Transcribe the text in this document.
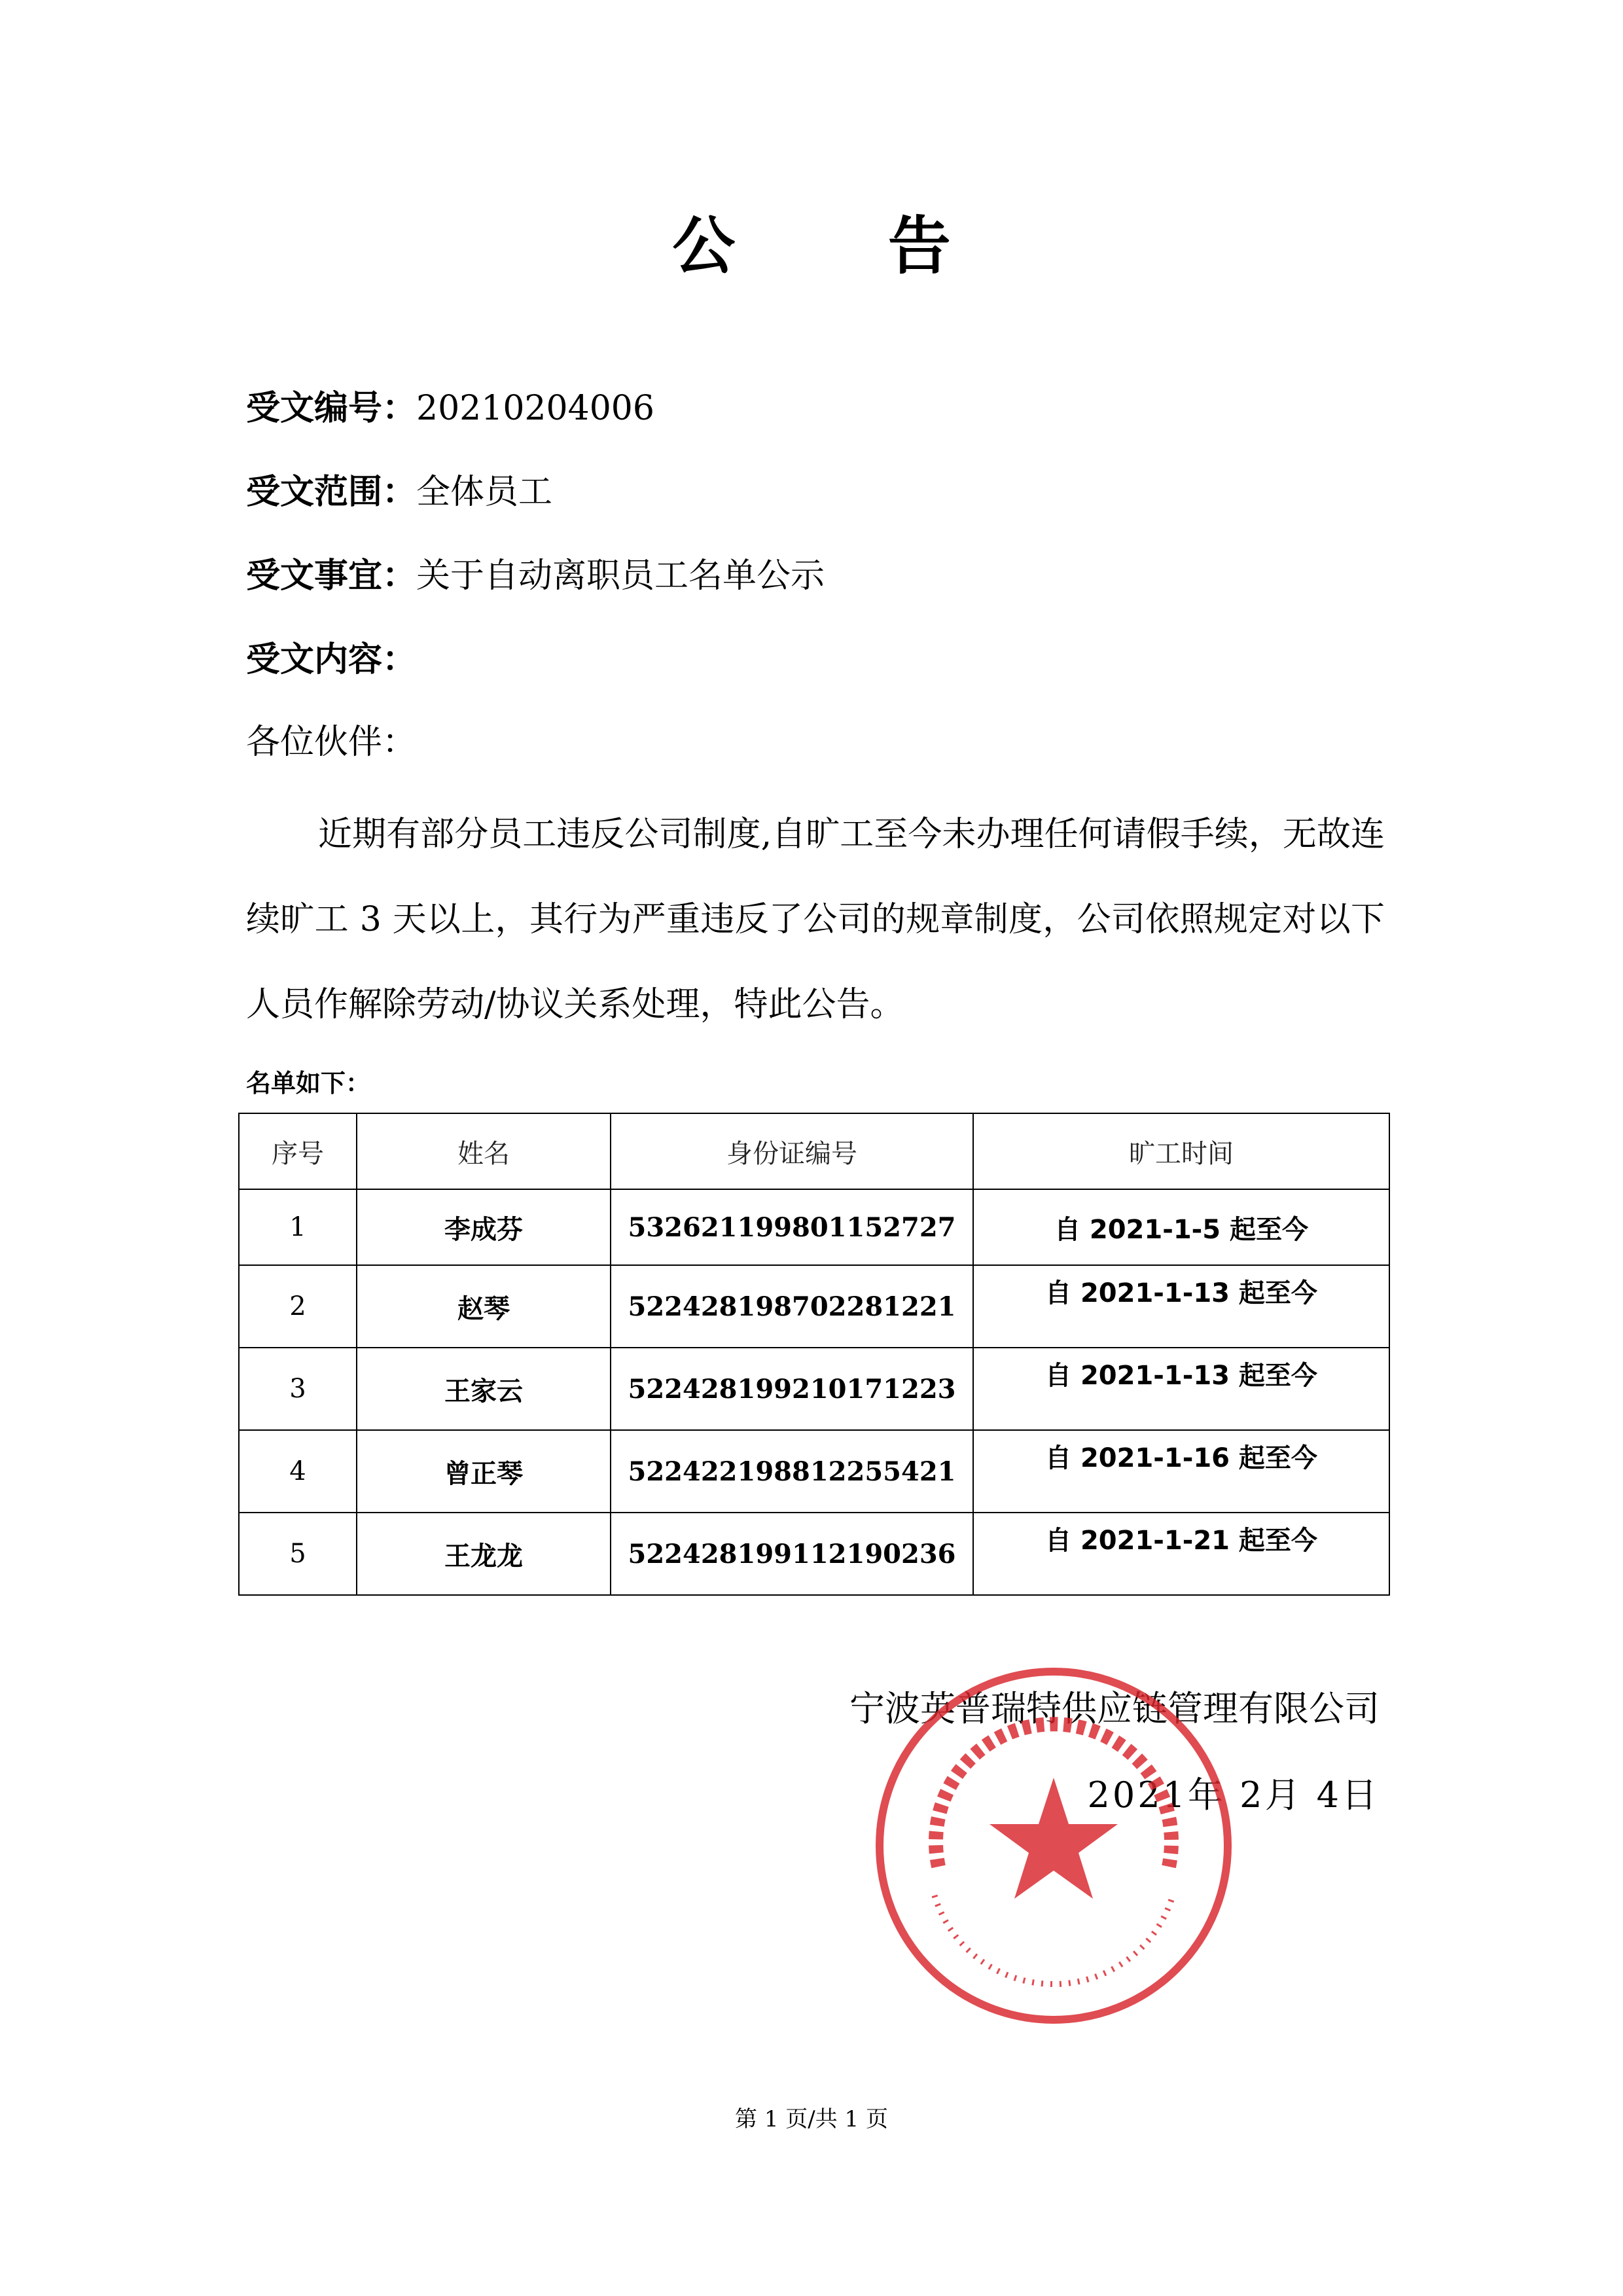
公 告
受文编号：20210204006
受文范围：全体员工
受文事宜：关于自动离职员工名单公示
受文内容：
各位伙伴：
近期有部分员工违反公司制度,自旷工至今未办理任何请假手续，无故连续旷工 3 天以上，其行为严重违反了公司的规章制度，公司依照规定对以下人员作解除劳动/协议关系处理，特此公告。
名单如下：
序号	姓名	身份证编号	旷工时间
1	李成芬	532621199801152727	自 2021-1-5 起至今
2	赵琴	522428198702281221	自 2021-1-13 起至今
3	王家云	522428199210171223	自 2021-1-13 起至今
4	曾正琴	522422198812255421	自 2021-1-16 起至今
5	王龙龙	522428199112190236	自 2021-1-21 起至今
宁波英普瑞特供应链管理有限公司
2021年 2月 4日
第 1 页/共 1 页
